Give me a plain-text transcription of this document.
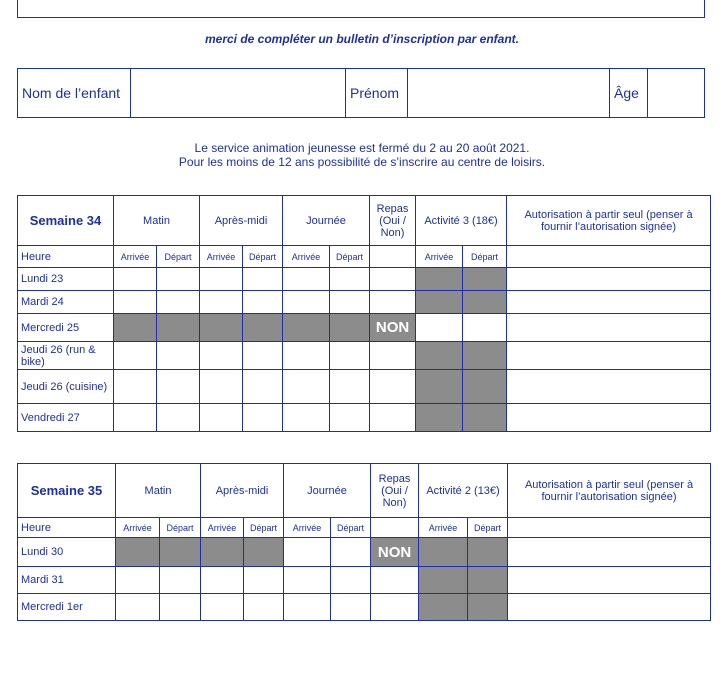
merci de compléter un bulletin d’inscription par enfant.
Nom de l’enfant		Prénom		Âge	
Le service animation jeunesse est fermé du 2 au 20 août 2021.
Pour les moins de 12 ans possibilité de s’inscrire au centre de loisirs.
Semaine 34	Matin		Après-midi		Journée		Repas (Oui / Non)	Activité 3 (18€)		Autorisation à partir seul (penser à fournir l’autorisation signée)
Heure	Arrivée	Départ	Arrivée	Départ	Arrivée	Départ		Arrivée	Départ	
Lundi 23										
Mardi 24										
Mercredi 25							NON			
Jeudi 26 (run & bike)										
Jeudi 26 (cuisine)										
Vendredi 27										
Semaine 35	Matin		Après-midi		Journée		Repas (Oui / Non)	Activité 2 (13€)		Autorisation à partir seul (penser à fournir l’autorisation signée)
Heure	Arrivée	Départ	Arrivée	Départ	Arrivée	Départ		Arrivée	Départ	
Lundi 30							NON			
Mardi 31										
Mercredi 1er										
